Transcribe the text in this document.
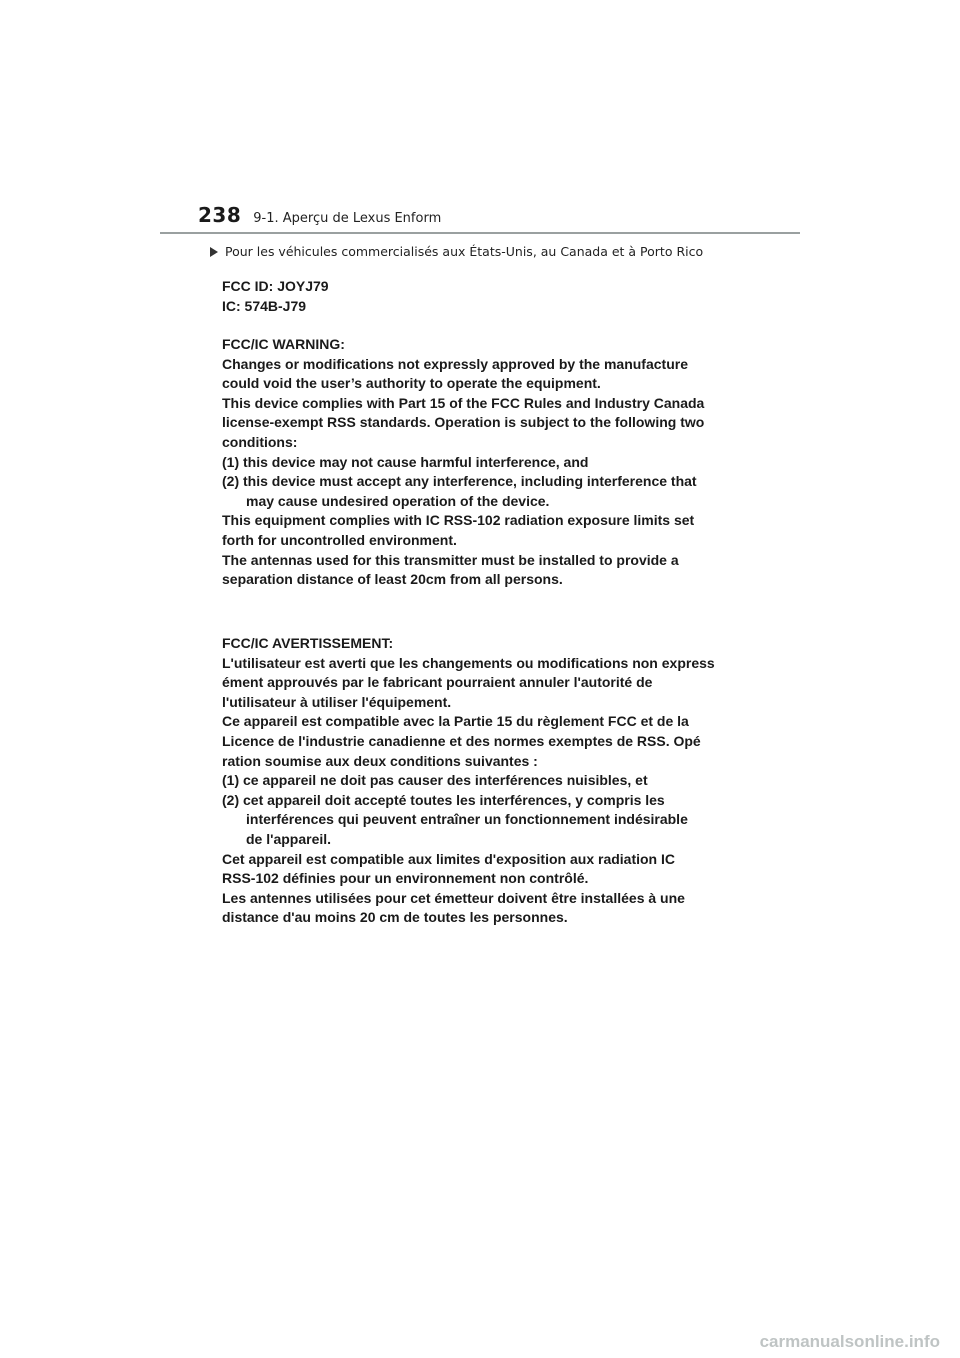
238 9-1. Aperçu de Lexus Enform
Pour les véhicules commercialisés aux États-Unis, au Canada et à Porto Rico

FCC ID: JOYJ79

IC: 574B-J79

FCC/IC WARNING:

Changes or modifications not expressly approved by the manufacture

could void the user’s authority to operate the equipment.

This device complies with Part 15 of the FCC Rules and Industry Canada

license-exempt RSS standards. Operation is subject to the following two

conditions:

(1) this device may not cause harmful interference, and

(2) this device must accept any interference, including interference that

may cause undesired operation of the device.

This equipment complies with IC RSS-102 radiation exposure limits set

forth for uncontrolled environment.

The antennas used for this transmitter must be installed to provide a

separation distance of least 20cm from all persons.

FCC/IC AVERTISSEMENT:

L'utilisateur est averti que les changements ou modifications non express

ément approuvés par le fabricant pourraient annuler l'autorité de

l'utilisateur à utiliser l'équipement.

Ce appareil est compatible avec la Partie 15 du règlement FCC et de la

Licence de l'industrie canadienne et des normes exemptes de RSS. Opé

ration soumise aux deux conditions suivantes :

(1) ce appareil ne doit pas causer des interférences nuisibles, et

(2) cet appareil doit accepté toutes les interférences, y compris les

interférences qui peuvent entraîner un fonctionnement indésirable

de l'appareil.

Cet appareil est compatible aux limites d'exposition aux radiation IC

RSS-102 définies pour un environnement non contrôlé.

Les antennes utilisées pour cet émetteur doivent être installées à une

distance d'au moins 20 cm de toutes les personnes.

carmanualsonline.info
